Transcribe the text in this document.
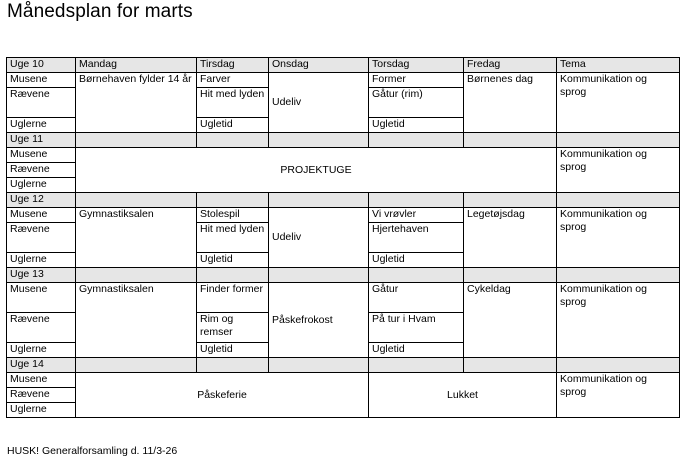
Månedsplan for marts
Uge 10	Mandag	Tirsdag	Onsdag	Torsdag	Fredag	Tema
Musene	Børnehaven fylder 14 år	Farver	Udeliv	Former	Børnenes dag	Kommunikation og sprog
Rævene		Hit med lyden		Gåtur (rim)		
Uglerne		Ugletid		Ugletid		
Uge 11						
Musene	PROJEKTUGE					Kommunikation og sprog
Rævene						
Uglerne						
Uge 12						
Musene	Gymnastiksalen	Stolespil	Udeliv	Vi vrøvler	Legetøjsdag	Kommunikation og sprog
Rævene		Hit med lyden		Hjertehaven		
Uglerne		Ugletid		Ugletid		
Uge 13						
Musene	Gymnastiksalen	Finder former	Påskefrokost	Gåtur	Cykeldag	Kommunikation og sprog
Rævene		Rim og remser		På tur i Hvam		
Uglerne		Ugletid		Ugletid		
Uge 14						
Musene	Påskeferie			Lukket		Kommunikation og sprog
Rævene						
Uglerne						
HUSK! Generalforsamling d. 11/3-26
